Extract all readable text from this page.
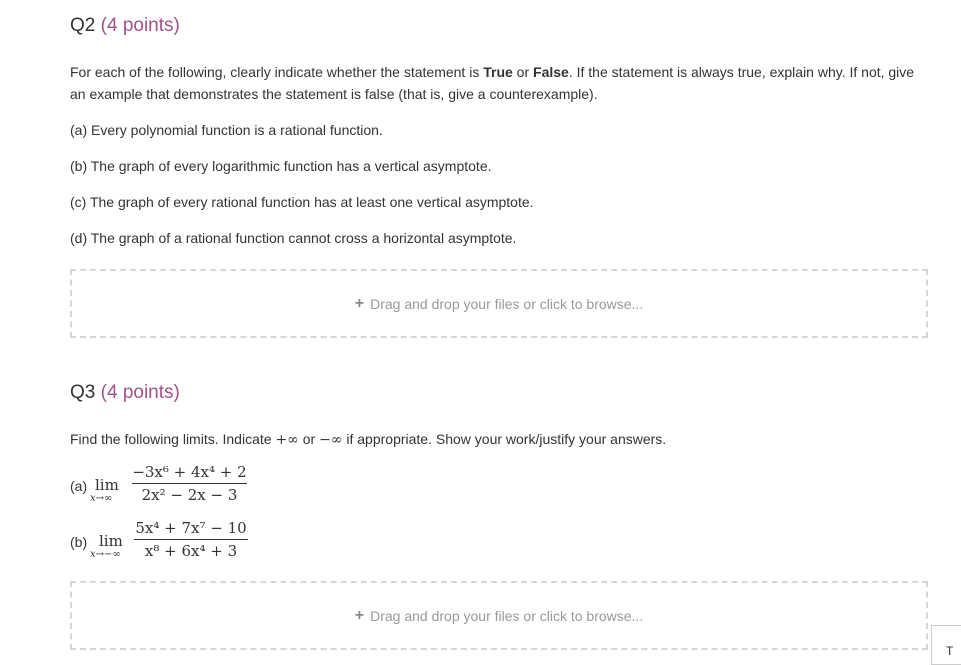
Q2 (4 points)
For each of the following, clearly indicate whether the statement is True or False. If the statement is always true, explain why. If not, give an example that demonstrates the statement is false (that is, give a counterexample).
(a) Every polynomial function is a rational function.
(b) The graph of every logarithmic function has a vertical asymptote.
(c) The graph of every rational function has at least one vertical asymptote.
(d) The graph of a rational function cannot cross a horizontal asymptote.
+ Drag and drop your files or click to browse...
Q3 (4 points)
Find the following limits. Indicate +∞ or −∞ if appropriate. Show your work/justify your answers.
(a) lim
x→∞
−3x⁶ + 4x⁴ + 2
2x² − 2x − 3
(b) lim
x→−∞
5x⁴ + 7x⁷ − 10
x⁸ + 6x⁴ + 3
+ Drag and drop your files or click to browse...
T
